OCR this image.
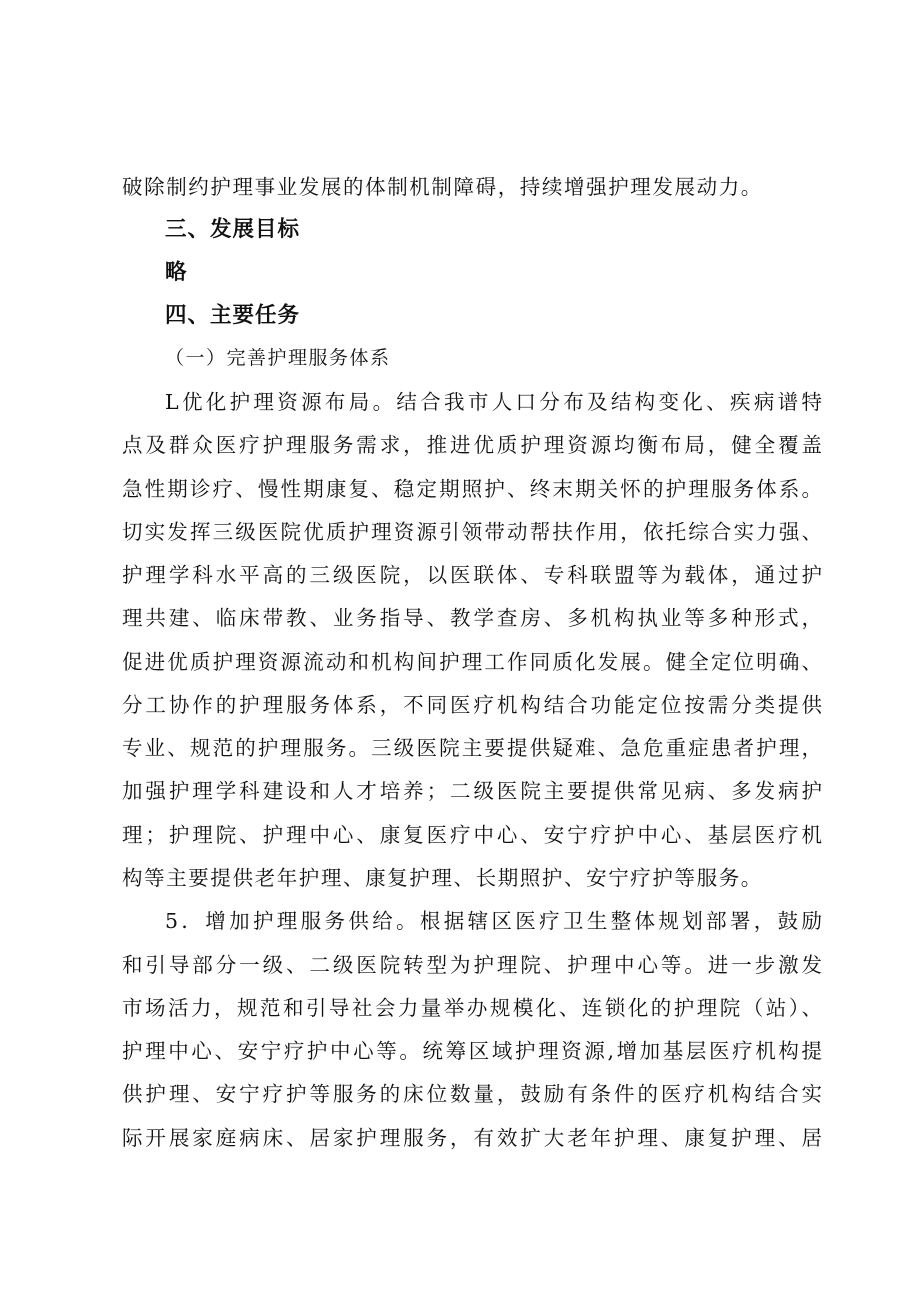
破除制约护理事业发展的体制机制障碍，持续增强护理发展动力。
三、发展目标
略
四、主要任务
（一）完善护理服务体系
L优化护理资源布局。结合我市人口分布及结构变化、疾病谱特
点及群众医疗护理服务需求，推进优质护理资源均衡布局，健全覆盖
急性期诊疗、慢性期康复、稳定期照护、终末期关怀的护理服务体系。
切实发挥三级医院优质护理资源引领带动帮扶作用，依托综合实力强、
护理学科水平高的三级医院，以医联体、专科联盟等为载体，通过护
理共建、临床带教、业务指导、教学查房、多机构执业等多种形式，
促进优质护理资源流动和机构间护理工作同质化发展。健全定位明确、
分工协作的护理服务体系，不同医疗机构结合功能定位按需分类提供
专业、规范的护理服务。三级医院主要提供疑难、急危重症患者护理，
加强护理学科建设和人才培养；二级医院主要提供常见病、多发病护
理；护理院、护理中心、康复医疗中心、安宁疗护中心、基层医疗机
构等主要提供老年护理、康复护理、长期照护、安宁疗护等服务。
5．增加护理服务供给。根据辖区医疗卫生整体规划部署，鼓励
和引导部分一级、二级医院转型为护理院、护理中心等。进一步激发
市场活力，规范和引导社会力量举办规模化、连锁化的护理院（站）、
护理中心、安宁疗护中心等。统筹区域护理资源,增加基层医疗机构提
供护理、安宁疗护等服务的床位数量，鼓励有条件的医疗机构结合实
际开展家庭病床、居家护理服务，有效扩大老年护理、康复护理、居
